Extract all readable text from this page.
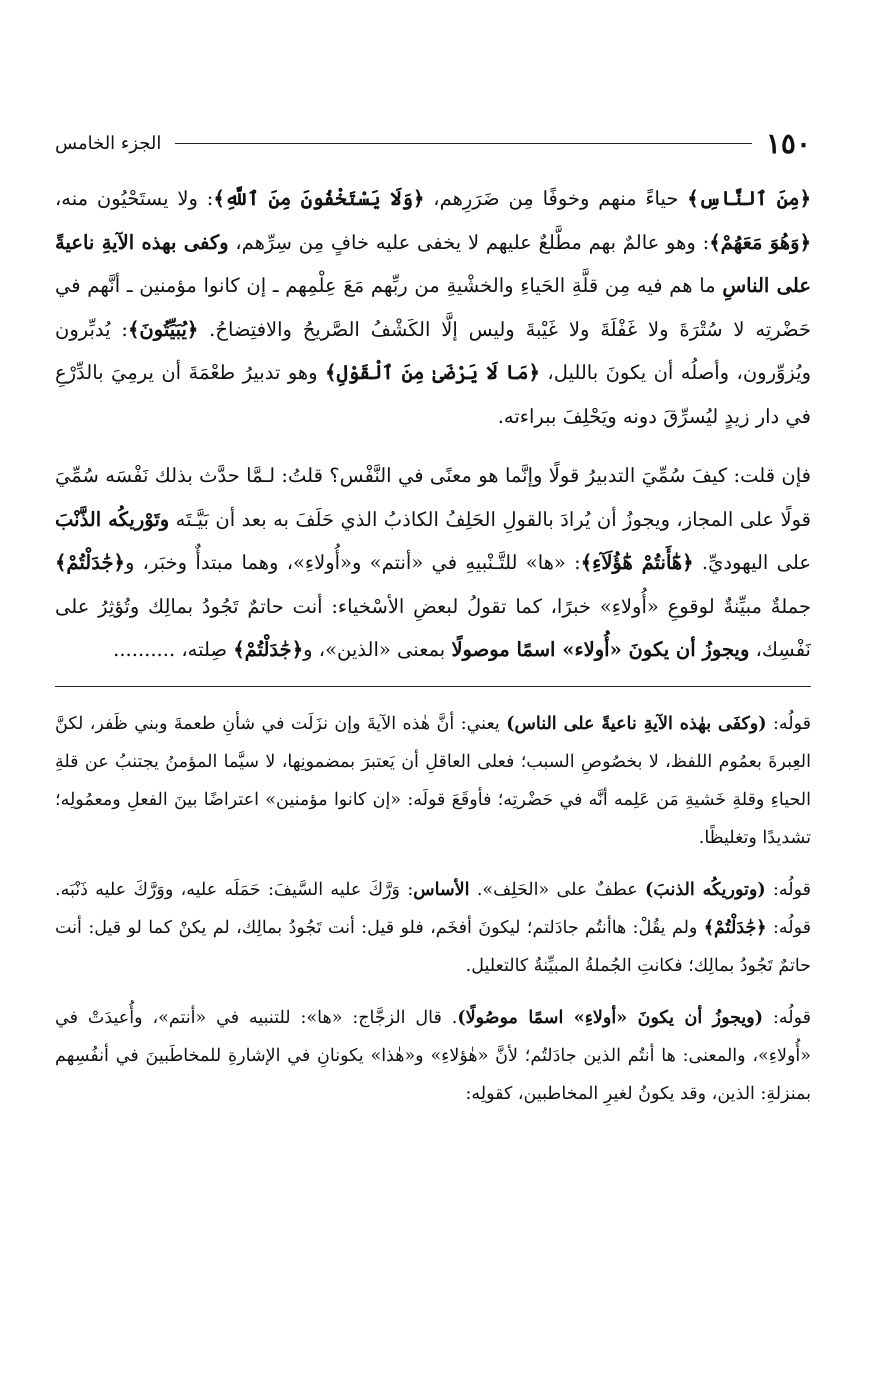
١٥٠
الجزء الخامس

﴿مِنَ ٱلنَّاسِ﴾ حياءً منهم وخوفًا مِن ضَرَرِهم، ﴿وَلَا يَسْتَخْفُونَ مِنَ ٱللَّهِ﴾: ولا يستَحْيُون منه، ﴿وَهُوَ مَعَهُمْ﴾: وهو عالمٌ بهم مطَّلعٌ عليهم لا يخفى عليه خافٍ مِن سِرِّهم، وكفى بهذه الآيةِ ناعيةً على الناسِ ما هم فيه مِن قلَّةِ الحَياءِ والخشْيةِ من ربِّهم مَعَ عِلْمِهم ـ إن كانوا مؤمنين ـ أنَّهم في حَضْرتِه لا سُتْرَةَ ولا غَفْلَةَ ولا غَيْبةَ وليس إلَّا الكَشْفُ الصَّريحُ والافتِضاحُ. ﴿يُبَيِّتُونَ﴾: يُدبِّرون ويُزوِّرون، وأصلُه أن يكونَ بالليل، ﴿مَا لَا يَرْضَىٰ مِنَ ٱلْقَوْلِ﴾ وهو تدبيرُ طعْمَةَ أن يرمِيَ بالدِّرْعِ في دار زيدٍ ليُسرِّقَ دونه ويَحْلِفَ ببراءته.

فإن قلت: كيفَ سُمِّيَ التدبيرُ قولًا وإنَّما هو معنًى في النَّفْس؟ قلتُ: لـمَّا حدَّث بذلك نَفْسَه سُمِّيَ قولًا على المجاز، ويجوزُ أن يُرادَ بالقولِ الحَلِفُ الكاذبُ الذي حَلَفَ به بعد أن بَيَّـتَه وتَوْريكُه الذَّنْبَ على اليهوديِّ. ﴿هَٰٓأَنتُمْ هَٰٓؤُلَآءِ﴾: «ها» للتَّـنْبيهِ في «أنتم» و«أُولاءِ»، وهما مبتدأٌ وخبَر، و﴿جَٰدَلْتُمْ﴾ جملةٌ مبيِّنةٌ لوقوعِ «أُولاءِ» خبرًا، كما تقولُ لبعضِ الأسْخياء: أنت حاتمٌ تَجُودُ بمالِك وتُؤثِرُ على نَفْسِك، ويجوزُ أن يكونَ «أُولاء» اسمًا موصولًا بمعنى «الذين»، و﴿جَٰدَلْتُمْ﴾ صِلته، ..........

قولُه: (وكفَى بهٰذه الآيةِ ناعيةً على الناس) يعني: أنَّ هٰذه الآيةَ وإن نزَلَت في شأنِ طعمةَ وبني ظَفر، لكنَّ العِبرةَ بعمُوم اللفظ، لا بخصُوصِ السبب؛ فعلى العاقلِ أن يَعتبرَ بمضمونِها، لا سيَّما المؤمنُ يجتنبُ عن قلةِ الحياءِ وقلةِ خَشيةِ مَن عَلِمه أنَّه في حَضْرتِه؛ فأوقَعَ قولَه: «إن كانوا مؤمنين» اعتراضًا بينَ الفعلِ ومعمُولِه؛ تشديدًا وتغليظًا.

قولُه: (وتوريكُه الذنبَ) عطفٌ على «الحَلِف». الأساس: وَرَّكَ عليه السَّيفَ: حَمَلَه عليه، ووَرَّكَ عليه ذَنْبَه. قولُه: ﴿جَٰدَلْتُمْ﴾ ولم يقُلْ: هاأنتُم جادَلتم؛ ليكونَ أفخَم، فلو قيل: أنت تَجُودُ بمالِك، لم يكنْ كما لو قيل: أنت حاتمٌ تَجُودُ بمالِك؛ فكانتِ الجُملةُ المبيِّنةُ كالتعليل.

قولُه: (ويجوزُ أن يكونَ «أولاءِ» اسمًا موصُولًا). قال الزجَّاج: «ها»: للتنبيه في «أنتم»، وأُعيدَتْ في «أُولاءِ»، والمعنى: ها أنتُم الذين جادَلتُم؛ لأنَّ «هٰؤلاءِ» و«هٰذا» يكونانِ في الإشارةِ للمخاطَبينَ في أنفُسِهم بمنزلةِ: الذين، وقد يكونُ لغيرِ المخاطبين، كقولِه:
